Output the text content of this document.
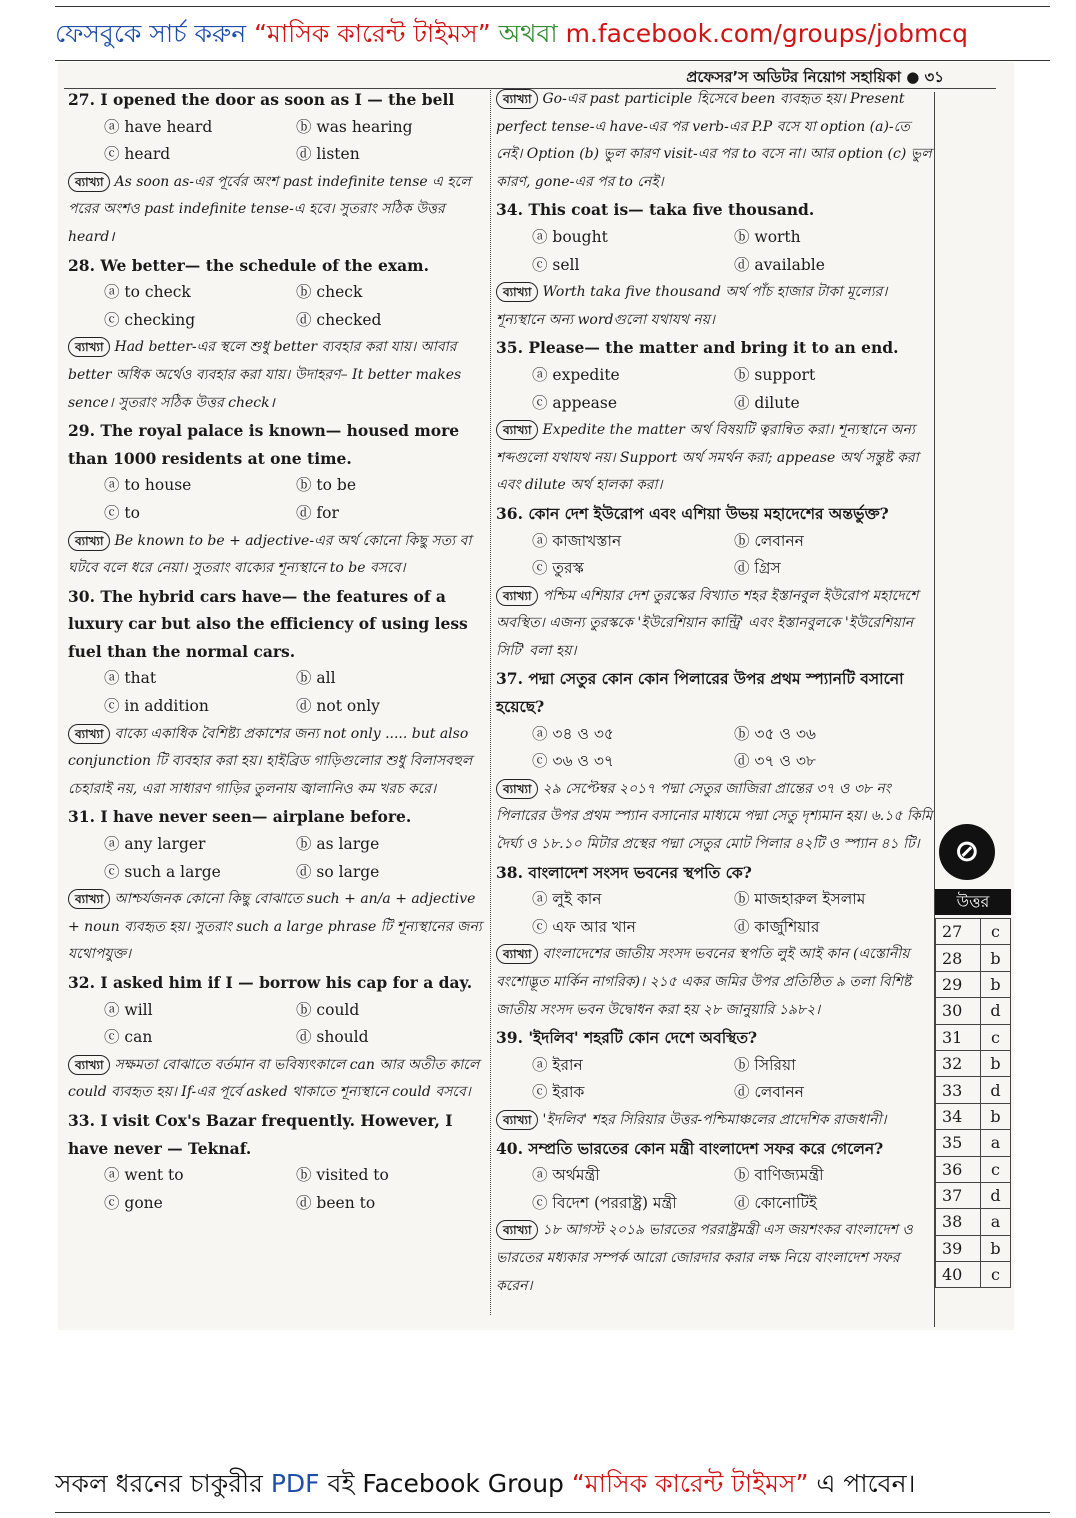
ফেসবুকে সার্চ করুন “মাসিক কারেন্ট টাইমস” অথবা m.facebook.com/groups/jobmcq
প্রফেসর’স অডিটর নিয়োগ সহায়িকা ● ৩১
27. I opened the door as soon as I — the bell
ⓐ have heard	ⓑ was hearing
ⓒ heard	ⓓ listen
ব্যাখ্যা As soon as-এর পূর্বের অংশ past indefinite tense এ হলে পরের অংশও past indefinite tense-এ হবে। সুতরাং সঠিক উত্তর heard।
28. We better— the schedule of the exam.
ⓐ to check	ⓑ check
ⓒ checking	ⓓ checked
ব্যাখ্যা Had better-এর স্থলে শুধু better ব্যবহার করা যায়। আবার better অধিক অর্থেও ব্যবহার করা যায়। উদাহরণ– It better makes sence। সুতরাং সঠিক উত্তর check।
29. The royal palace is known— housed more than 1000 residents at one time.
ⓐ to house	ⓑ to be
ⓒ to	ⓓ for
ব্যাখ্যা Be known to be + adjective-এর অর্থ কোনো কিছু সত্য বা ঘটবে বলে ধরে নেয়া। সুতরাং বাক্যের শূন্যস্থানে to be বসবে।
30. The hybrid cars have— the features of a luxury car but also the efficiency of using less fuel than the normal cars.
ⓐ that	ⓑ all
ⓒ in addition	ⓓ not only
ব্যাখ্যা বাক্যে একাধিক বৈশিষ্ট্য প্রকাশের জন্য not only ..... but also conjunction টি ব্যবহার করা হয়। হাইব্রিড গাড়িগুলোর শুধু বিলাসবহুল চেহারাই নয়, এরা সাধারণ গাড়ির তুলনায় জ্বালানিও কম খরচ করে।
31. I have never seen— airplane before.
ⓐ any larger	ⓑ as large
ⓒ such a large	ⓓ so large
ব্যাখ্যা আশ্চর্যজনক কোনো কিছু বোঝাতে such + an/a + adjective + noun ব্যবহৃত হয়। সুতরাং such a large phrase টি শূন্যস্থানের জন্য যথোপযুক্ত।
32. I asked him if I — borrow his cap for a day.
ⓐ will	ⓑ could
ⓒ can	ⓓ should
ব্যাখ্যা সক্ষমতা বোঝাতে বর্তমান বা ভবিষ্যৎকালে can আর অতীত কালে could ব্যবহৃত হয়। If-এর পূর্বে asked থাকাতে শূন্যস্থানে could বসবে।
33. I visit Cox's Bazar frequently. However, I have never — Teknaf.
ⓐ went to	ⓑ visited to
ⓒ gone	ⓓ been to
ব্যাখ্যা Go-এর past participle হিসেবে been ব্যবহৃত হয়। Present perfect tense-এ have-এর পর verb-এর P.P বসে যা option (a)-তে নেই। Option (b) ভুল কারণ visit-এর পর to বসে না। আর option (c) ভুল কারণ, gone-এর পর to নেই।
34. This coat is— taka five thousand.
ⓐ bought	ⓑ worth
ⓒ sell	ⓓ available
ব্যাখ্যা Worth taka five thousand অর্থ পাঁচ হাজার টাকা মূল্যের। শূন্যস্থানে অন্য wordগুলো যথাযথ নয়।
35. Please— the matter and bring it to an end.
ⓐ expedite	ⓑ support
ⓒ appease	ⓓ dilute
ব্যাখ্যা Expedite the matter অর্থ বিষয়টি ত্বরান্বিত করা। শূন্যস্থানে অন্য শব্দগুলো যথাযথ নয়। Support অর্থ সমর্থন করা; appease অর্থ সন্তুষ্ট করা এবং dilute অর্থ হালকা করা।
36. কোন দেশ ইউরোপ এবং এশিয়া উভয় মহাদেশের অন্তর্ভুক্ত?
ⓐ কাজাখস্তান	ⓑ লেবানন
ⓒ তুরস্ক	ⓓ গ্রিস
ব্যাখ্যা পশ্চিম এশিয়ার দেশ তুরস্কের বিখ্যাত শহর ইস্তানবুল ইউরোপ মহাদেশে অবস্থিত। এজন্য তুরস্ককে 'ইউরেশিয়ান কান্ট্রি' এবং ইস্তানবুলকে 'ইউরেশিয়ান সিটি' বলা হয়।
37. পদ্মা সেতুর কোন কোন পিলারের উপর প্রথম স্প্যানটি বসানো হয়েছে?
ⓐ ৩৪ ও ৩৫	ⓑ ৩৫ ও ৩৬
ⓒ ৩৬ ও ৩৭	ⓓ ৩৭ ও ৩৮
ব্যাখ্যা ২৯ সেপ্টেম্বর ২০১৭ পদ্মা সেতুর জাজিরা প্রান্তের ৩৭ ও ৩৮ নং পিলারের উপর প্রথম স্প্যান বসানোর মাধ্যমে পদ্মা সেতু দৃশ্যমান হয়। ৬.১৫ কিমি দৈর্ঘ্য ও ১৮.১০ মিটার প্রস্থের পদ্মা সেতুর মোট পিলার ৪২টি ও স্প্যান ৪১ টি।
38. বাংলাদেশ সংসদ ভবনের স্থপতি কে?
ⓐ লুই কান	ⓑ মাজহারুল ইসলাম
ⓒ এফ আর খান	ⓓ কার্জুশিয়ার
ব্যাখ্যা বাংলাদেশের জাতীয় সংসদ ভবনের স্থপতি লুই আই কান (এস্তোনীয় বংশোদ্ভূত মার্কিন নাগরিক)। ২১৫ একর জমির উপর প্রতিষ্ঠিত ৯ তলা বিশিষ্ট জাতীয় সংসদ ভবন উদ্বোধন করা হয় ২৮ জানুয়ারি ১৯৮২।
39. 'ইদলিব' শহরটি কোন দেশে অবস্থিত?
ⓐ ইরান	ⓑ সিরিয়া
ⓒ ইরাক	ⓓ লেবানন
ব্যাখ্যা 'ইদলিব' শহর সিরিয়ার উত্তর-পশ্চিমাঞ্চলের প্রাদেশিক রাজধানী।
40. সম্প্রতি ভারতের কোন মন্ত্রী বাংলাদেশ সফর করে গেলেন?
ⓐ অর্থমন্ত্রী	ⓑ বাণিজ্যমন্ত্রী
ⓒ বিদেশ (পররাষ্ট্র) মন্ত্রী	ⓓ কোনোটিই
ব্যাখ্যা ১৮ আগস্ট ২০১৯ ভারতের পররাষ্ট্রমন্ত্রী এস জয়শংকর বাংলাদেশ ও ভারতের মধ্যকার সম্পর্ক আরো জোরদার করার লক্ষ নিয়ে বাংলাদেশ সফর করেন।
⊘
উত্তর
27	c
28	b
29	b
30	d
31	c
32	b
33	d
34	b
35	a
36	c
37	d
38	a
39	b
40	c
সকল ধরনের চাকুরীর PDF বই Facebook Group “মাসিক কারেন্ট টাইমস” এ পাবেন।
